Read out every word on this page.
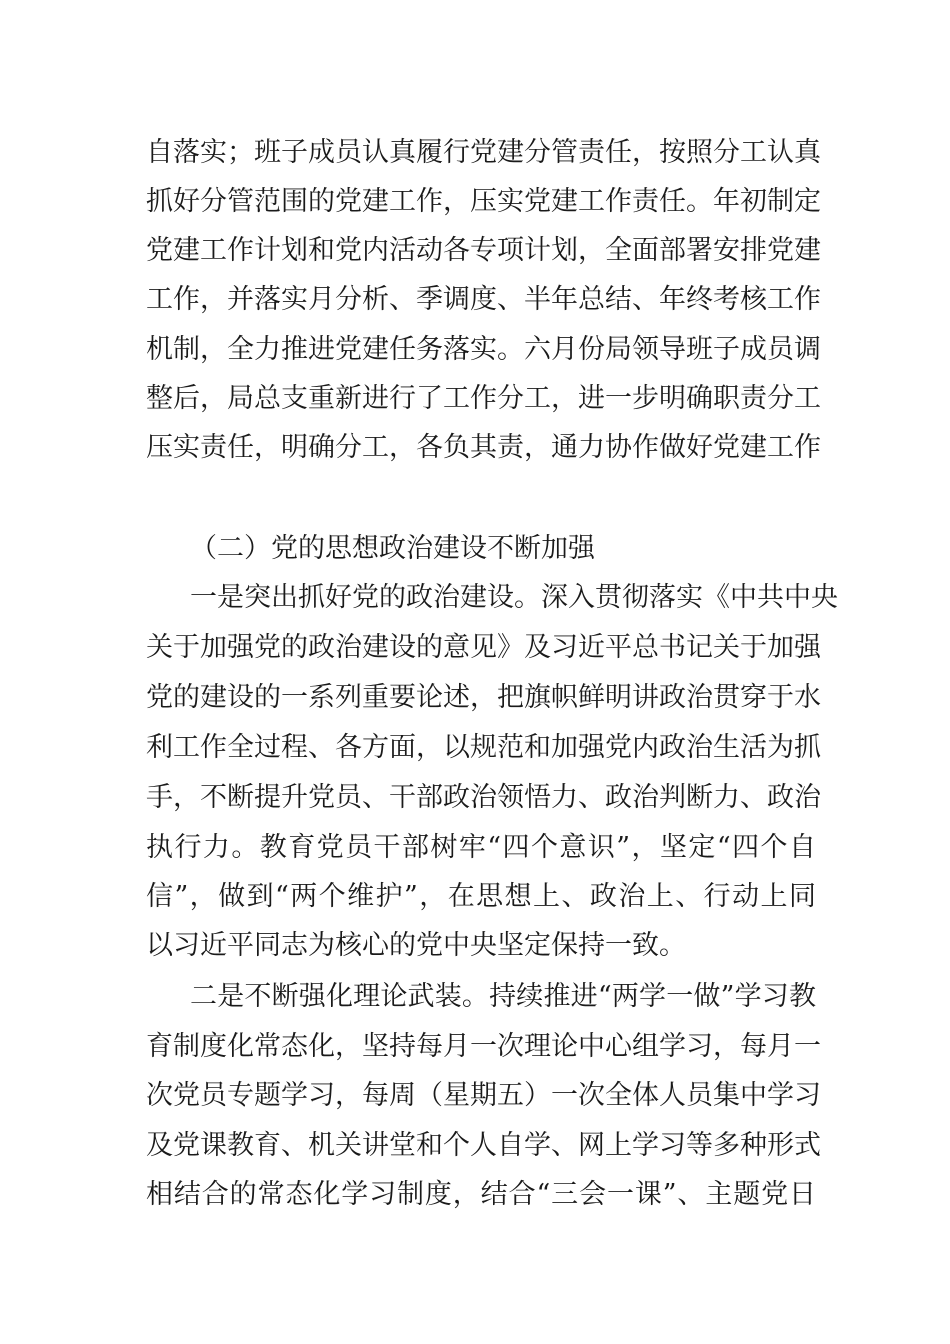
自落实；班子成员认真履行党建分管责任，按照分工认真
抓好分管范围的党建工作，压实党建工作责任。年初制定
党建工作计划和党内活动各专项计划，全面部署安排党建
工作，并落实月分析、季调度、半年总结、年终考核工作
机制，全力推进党建任务落实。六月份局领导班子成员调
整后，局总支重新进行了工作分工，进一步明确职责分工
压实责任，明确分工，各负其责，通力协作做好党建工作
（二）党的思想政治建设不断加强
一是突出抓好党的政治建设。深入贯彻落实《中共中央
关于加强党的政治建设的意见》及习近平总书记关于加强
党的建设的一系列重要论述，把旗帜鲜明讲政治贯穿于水
利工作全过程、各方面，以规范和加强党内政治生活为抓
手，不断提升党员、干部政治领悟力、政治判断力、政治
执行力。教育党员干部树牢“四个意识”，坚定“四个自
信”，做到“两个维护”，在思想上、政治上、行动上同
以习近平同志为核心的党中央坚定保持一致。
二是不断强化理论武装。持续推进“两学一做”学习教
育制度化常态化，坚持每月一次理论中心组学习，每月一
次党员专题学习，每周（星期五）一次全体人员集中学习
及党课教育、机关讲堂和个人自学、网上学习等多种形式
相结合的常态化学习制度，结合“三会一课”、主题党日
